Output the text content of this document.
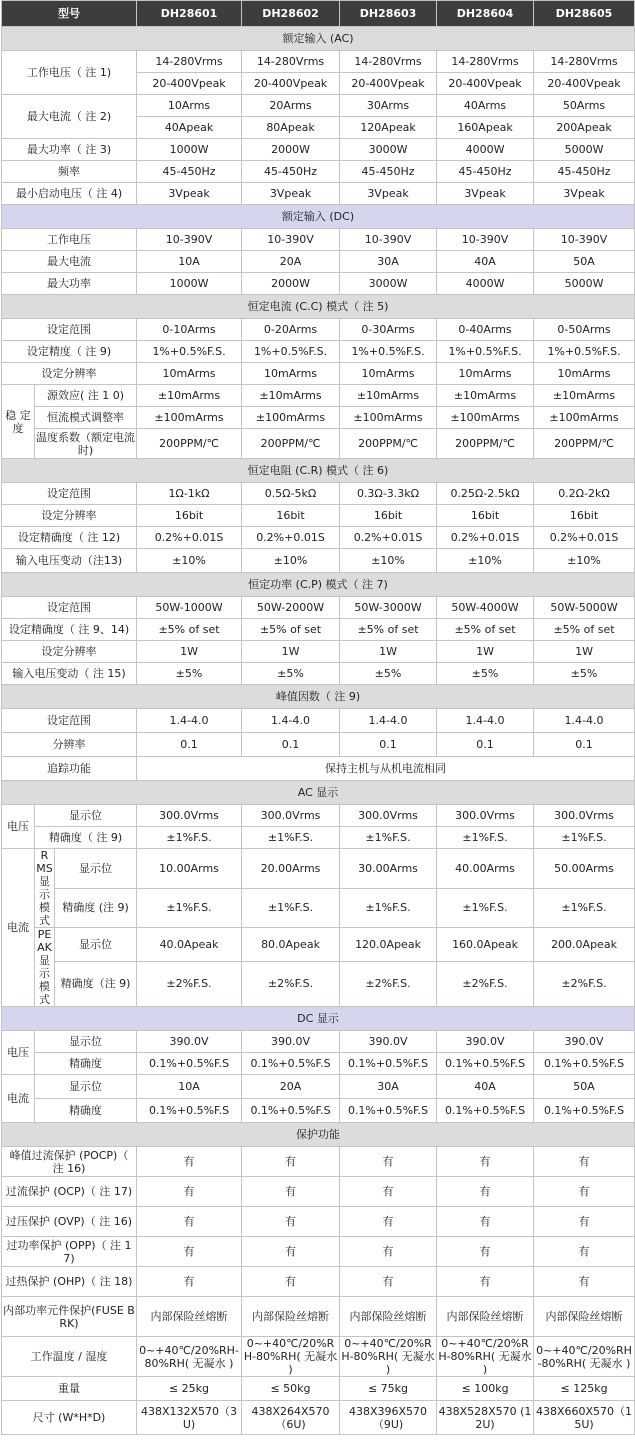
型号			DH28601	DH28602	DH28603	DH28604	DH28605
额定输入 (AC)							
工作电压（ 注 1)			14-280Vrms	14-280Vrms	14-280Vrms	14-280Vrms	14-280Vrms
			20-400Vpeak	20-400Vpeak	20-400Vpeak	20-400Vpeak	20-400Vpeak
最大电流（ 注 2)			10Arms	20Arms	30Arms	40Arms	50Arms
			40Apeak	80Apeak	120Apeak	160Apeak	200Apeak
最大功率（ 注 3)			1000W	2000W	3000W	4000W	5000W
频率			45-450Hz	45-450Hz	45-450Hz	45-450Hz	45-450Hz
最小启动电压（ 注 4)			3Vpeak	3Vpeak	3Vpeak	3Vpeak	3Vpeak
额定输入 (DC)							
工作电压			10-390V	10-390V	10-390V	10-390V	10-390V
最大电流			10A	20A	30A	40A	50A
最大功率			1000W	2000W	3000W	4000W	5000W
恒定电流 (C.C) 模式（ 注 5)							
设定范围			0-10Arms	0-20Arms	0-30Arms	0-40Arms	0-50Arms
设定精度（ 注 9)			1%+0.5%F.S.	1%+0.5%F.S.	1%+0.5%F.S.	1%+0.5%F.S.	1%+0.5%F.S.
设定分辨率			10mArms	10mArms	10mArms	10mArms	10mArms
稳 定 度	源效应( 注 1 0)		±10mArms	±10mArms	±10mArms	±10mArms	±10mArms
	恒流模式调整率		±100mArms	±100mArms	±100mArms	±100mArms	±100mArms
	温度系数（额定电流时)		200PPM/℃	200PPM/℃	200PPM/℃	200PPM/℃	200PPM/℃
恒定电阻 (C.R) 模式（ 注 6)							
设定范围			1Ω-1kΩ	0.5Ω-5kΩ	0.3Ω-3.3kΩ	0.25Ω-2.5kΩ	0.2Ω-2kΩ
设定分辨率			16bit	16bit	16bit	16bit	16bit
设定精确度（ 注 12)			0.2%+0.01S	0.2%+0.01S	0.2%+0.01S	0.2%+0.01S	0.2%+0.01S
输入电压变动（注13)			±10%	±10%	±10%	±10%	±10%
恒定功率 (C.P) 模式（ 注 7)							
设定范围			50W-1000W	50W-2000W	50W-3000W	50W-4000W	50W-5000W
设定精确度（ 注 9、14)			±5% of set	±5% of set	±5% of set	±5% of set	±5% of set
设定分辨率			1W	1W	1W	1W	1W
输入电压变动（ 注 15)			±5%	±5%	±5%	±5%	±5%
峰值因数（ 注 9)							
设定范围			1.4-4.0	1.4-4.0	1.4-4.0	1.4-4.0	1.4-4.0
分辨率			0.1	0.1	0.1	0.1	0.1
追踪功能			保持主机与从机电流相同				
AC 显示							
电压	显示位		300.0Vrms	300.0Vrms	300.0Vrms	300.0Vrms	300.0Vrms
	精确度（ 注 9)		±1%F.S.	±1%F.S.	±1%F.S.	±1%F.S.	±1%F.S.
电流	RMS 显示 模式	显示位	10.00Arms	20.00Arms	30.00Arms	40.00Arms	50.00Arms
		精确度 (注 9)	±1%F.S.	±1%F.S.	±1%F.S.	±1%F.S.	±1%F.S.
	PEAK 显示 模式	显示位	40.0Apeak	80.0Apeak	120.0Apeak	160.0Apeak	200.0Apeak
		精确度（注 9)	±2%F.S.	±2%F.S.	±2%F.S.	±2%F.S.	±2%F.S.
DC 显示							
电压	显示位		390.0V	390.0V	390.0V	390.0V	390.0V
	精确度		0.1%+0.5%F.S	0.1%+0.5%F.S	0.1%+0.5%F.S	0.1%+0.5%F.S	0.1%+0.5%F.S
电流	显示位		10A	20A	30A	40A	50A
	精确度		0.1%+0.5%F.S	0.1%+0.5%F.S	0.1%+0.5%F.S	0.1%+0.5%F.S	0.1%+0.5%F.S
保护功能							
峰值过流保护 (POCP)（ 注 16)			有	有	有	有	有
过流保护 (OCP)（ 注 17)			有	有	有	有	有
过压保护 (OVP)（ 注 16)			有	有	有	有	有
过功率保护 (OPP)（ 注 17)			有	有	有	有	有
过热保护 (OHP)（ 注 18)			有	有	有	有	有
内部功率元件保护(FUSE BRK)			内部保险丝熔断	内部保险丝熔断	内部保险丝熔断	内部保险丝熔断	内部保险丝熔断
工作温度 / 湿度			0~+40℃/20%RH-80%RH( 无凝水 )	0~+40℃/20%RH-80%RH( 无凝水 )	0~+40℃/20%RH-80%RH( 无凝水 )	0~+40℃/20%RH-80%RH( 无凝水 )	0~+40℃/20%RH-80%RH( 无凝水 )
重量			≤ 25kg	≤ 50kg	≤ 75kg	≤ 100kg	≤ 125kg
尺寸 (W*H*D)			438X132X570（3U)	438X264X570（6U)	438X396X570（9U)	438X528X570 (12U)	438X660X570（15U)
